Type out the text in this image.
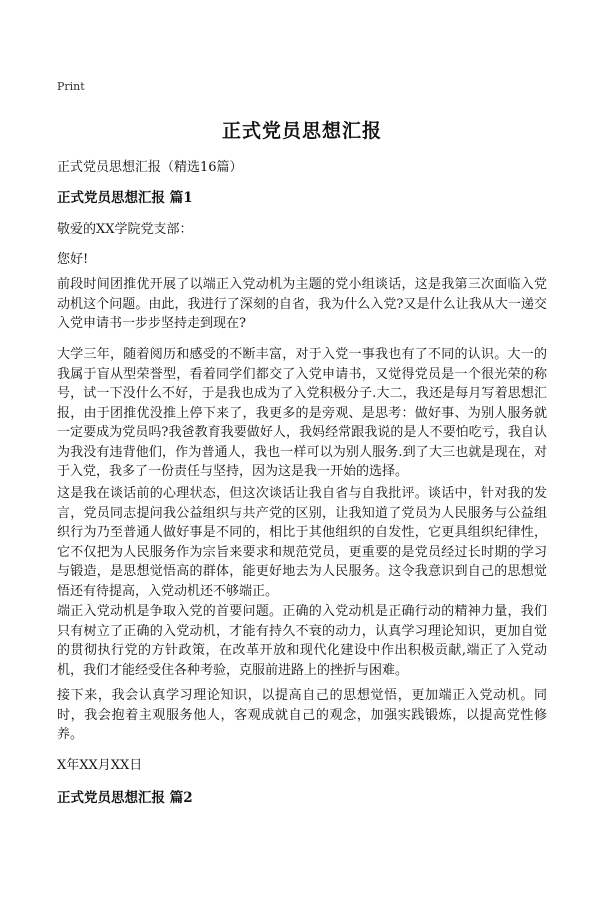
Print
正式党员思想汇报
正式党员思想汇报（精选16篇）
正式党员思想汇报 篇1
敬爱的XX学院党支部：
您好!

前段时间团推优开展了以端正入党动机为主题的党小组谈话，这是我第三次面临入党动机这个问题。由此，我进行了深刻的自省，我为什么入党?又是什么让我从大一递交入党申请书一步步坚持走到现在?

大学三年，随着阅历和感受的不断丰富，对于入党一事我也有了不同的认识。大一的我属于盲从型荣誉型，看着同学们都交了入党申请书，又觉得党员是一个很光荣的称号，试一下没什么不好，于是我也成为了入党积极分子.大二，我还是每月写着思想汇报，由于团推优没推上停下来了，我更多的是旁观、是思考：做好事、为别人服务就一定要成为党员吗?我爸教育我要做好人，我妈经常跟我说的是人不要怕吃亏，我自认为我没有违背他们，作为普通人，我也一样可以为别人服务.到了大三也就是现在，对于入党，我多了一份责任与坚持，因为这是我一开始的选择。

这是我在谈话前的心理状态，但这次谈话让我自省与自我批评。谈话中，针对我的发言，党员同志提问我公益组织与共产党的区别，让我知道了党员为人民服务与公益组织行为乃至普通人做好事是不同的，相比于其他组织的自发性，它更具组织纪律性，它不仅把为人民服务作为宗旨来要求和规范党员，更重要的是党员经过长时期的学习与锻造，是思想觉悟高的群体，能更好地去为人民服务。这令我意识到自己的思想觉悟还有待提高，入党动机还不够端正。

端正入党动机是争取入党的首要问题。正确的入党动机是正确行动的精神力量，我们只有树立了正确的入党动机，才能有持久不衰的动力，认真学习理论知识，更加自觉的贯彻执行党的方针政策，在改革开放和现代化建设中作出积极贡献,端正了入党动机，我们才能经受住各种考验，克服前进路上的挫折与困难。

接下来，我会认真学习理论知识，以提高自己的思想觉悟，更加端正入党动机。同时，我会抱着主观服务他人，客观成就自己的观念，加强实践锻炼，以提高党性修养。

X年XX月XX日
正式党员思想汇报 篇2
